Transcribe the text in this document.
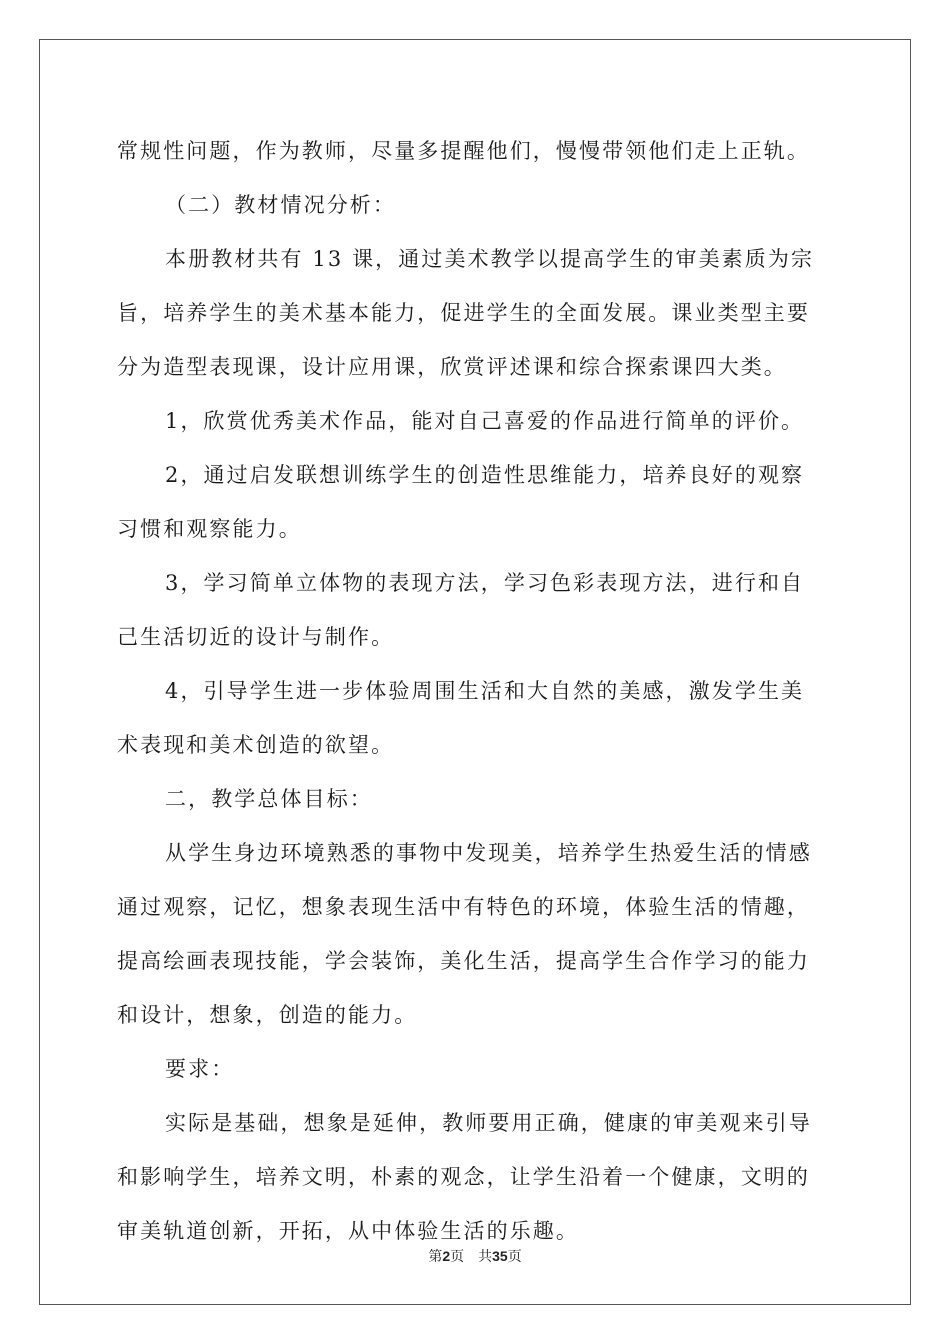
常规性问题，作为教师，尽量多提醒他们，慢慢带领他们走上正轨。
（二）教材情况分析：
本册教材共有 13 课，通过美术教学以提高学生的审美素质为宗
旨，培养学生的美术基本能力，促进学生的全面发展。课业类型主要
分为造型表现课，设计应用课，欣赏评述课和综合探索课四大类。
1，欣赏优秀美术作品，能对自己喜爱的作品进行简单的评价。
2，通过启发联想训练学生的创造性思维能力，培养良好的观察
习惯和观察能力。
3，学习简单立体物的表现方法，学习色彩表现方法，进行和自
己生活切近的设计与制作。
4，引导学生进一步体验周围生活和大自然的美感，激发学生美
术表现和美术创造的欲望。
二，教学总体目标：
从学生身边环境熟悉的事物中发现美，培养学生热爱生活的情感
通过观察，记忆，想象表现生活中有特色的环境，体验生活的情趣，
提高绘画表现技能，学会装饰，美化生活，提高学生合作学习的能力
和设计，想象，创造的能力。
要求：
实际是基础，想象是延伸，教师要用正确，健康的审美观来引导
和影响学生，培养文明，朴素的观念，让学生沿着一个健康，文明的
审美轨道创新，开拓，从中体验生活的乐趣。
第2页 共35页
